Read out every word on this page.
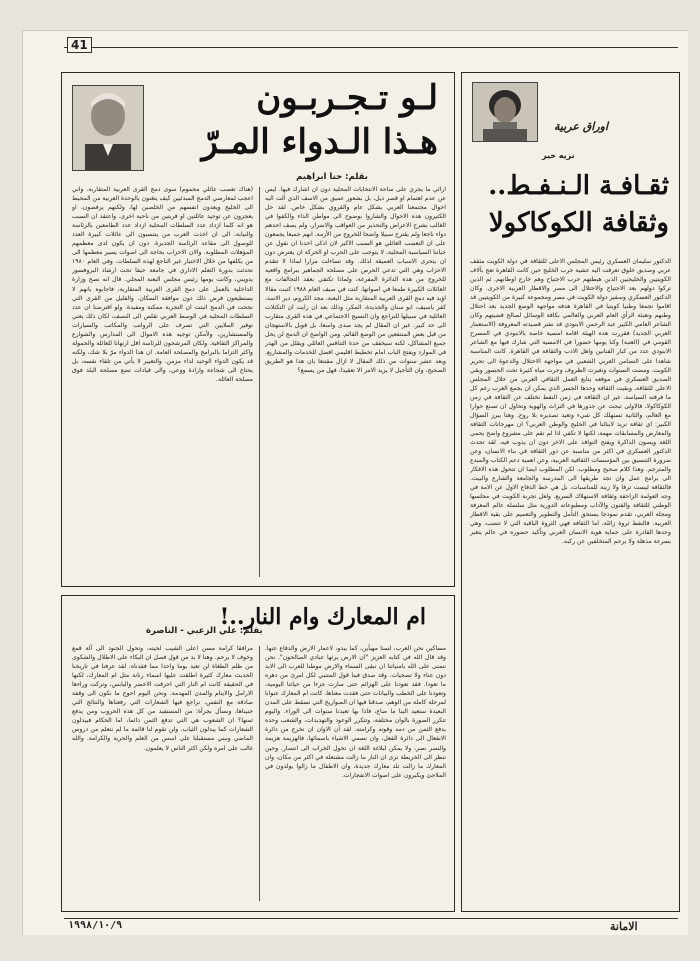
41
اوراق عربية
نزيه خير
ثقـافـة الـنـفـط..
وثقافة الكوكاكولا
الدكتور سليمان العسكري رئيس المجلس الاعلى للثقافة في دولة الكويت مثقف عربي وصديق خلوق تعرفت اليه عشية حرب الخليج حين كانت القاهرة تعج بآلاف الكويتيين والخليجيين الذين هبطتهم حرب الاجتياح وهم خارج اوطانهم. ثم الذين تركوا دولهم بعد الاجتياح والاحتلال الى مصر والاقطار العربية الاخرى. وكان الدكتور العسكري وسفير دولة الكويت في مصر ومجموعة كبيرة من الكويتيين قد اقاموا تجمعا وطنيا كويتيا في القاهرة هدفه مواجهة الوضع الجديد بعد احتلال وطنهم وتعبئة الرأي العام العربي والعالمي بكافة الوسائل لصالح قضيتهم وكان الشاعر العامي الكبير عبد الرحمن الابنودي قد نشر قصيدته المعروفة (الاستعمار العربي الجديد) فقررت هذه الهيئة اقامة امسية خاصة بالابنودي في المسرح القومي في (العتبة) وكنا يومها حضورا في الامسية التي شارك فيها مع الشاعر الابنودي عدد من كبار الفنانين واهل الادب والثقافة في القاهرة. كانت المناسبة شاهدا على التضامن العربي الشعبي في مواجهة الاحتلال والدعوة الى تحرير الكويت. ومضت السنوات وتغيرت الظروف وجرت مياه كثيرة تحت الجسور وبقي الصديق العسكري في موقعه يتابع العمل الثقافي العربي من خلال المجلس الاعلى للثقافة، وبقيت الثقافة وحدها الجسر الذي يمكن ان يجمع العرب رغم كل ما فرقته السياسة. غير ان الثقافة في زمن النفط تختلف عن الثقافة في زمن الكوكاكولا، فالاولى تبحث عن جذورها في التراث والهوية وتحاول ان تصنع حوارا مع العالم، والثانية تستهلك كل شيء وتعيد تصديره بلا روح. وهنا يبرز السؤال الكبير: اي ثقافة نريد لابنائنا في الخليج والوطن العربي؟ ان مهرجانات الثقافة والمعارض والمسابقات مهمة، لكنها لا تكفي اذا لم تقم على مشروع واضح يحمي اللغة ويصون الذاكرة ويفتح النوافذ على الاخر دون ان يذوب فيه. لقد تحدث الدكتور العسكري في اكثر من مناسبة عن دور الثقافة في بناء الانسان، وعن ضرورة التنسيق بين المؤسسات الثقافية العربية، وعن اهمية دعم الكتاب والمبدع والمترجم. وهذا كلام صحيح ومطلوب. لكن المطلوب ايضا ان تتحول هذه الافكار الى برامج عمل وان تجد طريقها الى المدرسة والجامعة والشارع والبيت. فالثقافة ليست ترفا ولا زينة للمناسبات، بل هي خط الدفاع الاول عن الامة في وجه العولمة الزاحفة وثقافة الاستهلاك السريع. ولعل تجربة الكويت في مجلسها الوطني للثقافة والفنون والآداب ومطبوعاته الدورية مثل سلسلة عالم المعرفة ومجلة العربي، تقدم نموذجا يستحق التأمل والتطوير والتعميم على بقية الاقطار العربية. فالنفط ثروة زائلة، اما الثقافة فهي الثروة الباقية التي لا تنضب، وهي وحدها القادرة على حماية هوية الانسان العربي وتأكيد حضوره في عالم يتغير بسرعة مذهلة ولا يرحم المتخلفين عن ركبه.
لـو تـجـربـون
هـذا الـدواء المـرّ
بقلم: حنا ابراهيم
ارائي ما يجري على ساحة الانتخابات المحلية دون ان اشارك فيها. ليس عن عدم اهتمام او قصر ذيل، بل بشعور عميق من الاسف الذي آلت اليه احوال مجتمعنا العربي بشكل عام والقروي بشكل خاص. لقد حل الكثيرون هذه الاحوال والشاروا بوضوح الى مواطن الداء والكفوا في الغالب بشرح الاعراض والتحذير من العواقب والاضرار، ولم يصف احدهم دواء ناجعا ولم يقترح سبيلا واضحا للخروج من الأزمة. انهم جميعا يجمعون على ان التعصب العائلي هو السبب الاكبر لان اذكى احدنا ان نقول عن حياتنا السياسية المحلية، لا يتوجب على الحزب او الحركة ان يعترض دون ان يتحرى الاسباب العميقة لذلك. وقد تساءلت مرارا لماذا لا تتقدم الاحزاب وهي التي تدعي الحرص على مصلحة الجماهير ببرامج واقعية للخروج من هذه الدائرة المفرغة، ولماذا تكتفي بعقد التحالفات مع العائلات الكبيرة طمعا في اصواتها. كنت في صيف العام ١٩٨٨ كتبت مقالا اؤيد فيه دمج القرى العربية المتقاربة مثل البعنة، مجد الكروم، دير الاسد، كفر ياسيف، ابو سنان والجديدة، المكر، وذلك بعد ان رايت ان التكتلات العائلية في سبيلها للتراجع وان النسيج الاجتماعي في هذه القرى متقارب الى حد كبير. غير ان المقال لم يجد صدى واسعا، بل قوبل بالاستهجان من قبل بعض المنتفعين من الوضع القائم. ومن الواضح ان الدمج لن يحل جميع المشاكل، لكنه سيخفف من حدة التنافس العائلي ويقلل من الهدر في الموارد ويفتح الباب امام تخطيط اقليمي افضل للخدمات والمشاريع. وبعد عشر سنوات من ذلك المقال لا ازال مقتنعا بان هذا هو الطريق الصحيح، وان التأجيل لا يزيد الامر الا تعقيدا، فهل من يسمع؟
(هناك تعصب عائلي محموم) سوى دمج القرى العربية المتقاربة. واني اعجب لمعارضي الدمج المبدئيين كيف يتغنون بالوحدة العربية من المحيط الى الخليج ويعدون انفسهم من الخلصين لها، ولكنهم يرفضون، او يعجزون عن توحيد عائلتين او قريتين من ناحية اخرى. واعتقد ان السبب هو انه كلما ازداد عدد السلطات المحلية ازداد عدد الطامعين بالرئاسة والنيابة، الى ان اخذت العرب من ينتسبون الى عائلات كبيرة العدد للوصول الى مقاعد الرئاسة الجديرة. دون ان يكون لدى معظمهم المؤهلات المطلوبة. والان الاحزاب بحاجة الى اصوات يسير معظمها الى من يكلفها من خلال الاختيار غير الناجع لهذه السلطات. وفي العام ١٩٨٠ تحدثت بدورة التعلم الاداري في جامعة حيفا تحت ارشاد البروفسور يدويني، وكانت يومها رئيس مجلس البعنة المحلي. قال انه نصح وزارة الداخلية بالعمل على دمج القرى العربية المتقاربة، فاجابوه بانهم لا يستطيعون فرض ذلك دون موافقة السكان. والقليل من القرى التي نجحت في الدمج اثبتت ان التجربة ممكنة ومفيدة. ولو افترضنا ان عدد السلطات المحلية في الوسط العربي تقلص الى النصف، لكان ذلك يعني توفير الملايين التي تصرف على الرواتب والمكاتب والسيارات والمستشارين، ولأمكن توجيه هذه الاموال الى المدارس والشوارع والمراكز الثقافية. ولكان المرشحون للرئاسة اقل ارتهانا للعائلة والحمولة واكثر التزاما بالبرامج والمصلحة العامة. ان هذا الدواء مرّ بلا شك، ولكنه قد يكون الدواء الوحيد لداء مزمن. والتغيير لا يأتي من تلقاء نفسه، بل يحتاج الى شجاعة وارادة ووعي، والى قيادات تضع مصلحة البلد فوق مصلحة العائلة.
ام المعارك وام النار..!
بقلم: علي الزعبي - الناصرة
مساكين نحن العرب، لسنا مهيأين، كما يبدو، لاعمار الارض والدفاع عنها. وقد قال الله في كتابه العزيز "ان الارض يرثها عبادي الصالحون". نحن نتمنى على الله بامنياتنا ان تبقى السماء والارض موطنا للعرب الى الابد دون عناء ولا تضحيات. وقد صدق فينا قول المتنبي لكل امرئ من دهره ما تعودا. فقد تعودنا على الهزائم حتى صارت جزءا من حياتنا اليومية، وتعودنا على الخطب والبيانات حتى فقدت معناها. كانت ام المعارك عنوانا لمرحلة كاملة من الوهم، صدقنا فيها ان الصواريخ التي تسقط على المدن البعيدة ستعيد الينا ما ضاع، فاذا بها تعيدنا سنوات الى الوراء. واليوم تتكرر الصورة بالوان مختلفة، وتتكرر الوعود والتهديدات، والشعب وحده يدفع الثمن من دمه وقوته وكرامته. لقد آن الاوان ان نخرج من دائرة الانفعال الى دائرة الفعل، وان نسمي الاشياء باسمائها، فالهزيمة هزيمة والنصر نصر، ولا يمكن لبلاغة اللغة ان تحول الخراب الى انتصار. وحين ننظر الى الخريطة نرى ان النار ما زالت مشتعلة في اكثر من مكان، وان المعارك ما زالت تلد معارك جديدة، وان الاطفال ما زالوا يولدون في الملاجئ ويكبرون على اصوات الانفجارات.
مرافقا كرامة مسن اعلى الشيب لحيته، وتحول الجنود الى آلة قمع وخوف لا يرحم. وهنا لا بد من قول فصل ان البكاء على الاطلال والشكوى من ظلم الطغاة لن تعيد يوما واحدا مما فقدناه. لقد عرفنا في تاريخنا الحديث معارك كثيرة اطلقت عليها اسماء رنانة مثل ام المعارك، لكنها في الحقيقة كانت ام النار التي احرقت الاخضر واليابس، وتركت وراءها الارامل والايتام والمدن المهدمة. ونحن اليوم احوج ما نكون الى وقفة صادقة مع النفس، نراجع فيها الشعارات التي رفعناها والنتائج التي جنيناها، ونسأل بجرأة: من المستفيد من كل هذه الحروب ومن يدفع ثمنها؟ ان الشعوب هي التي تدفع الثمن دائما، اما الحكام فيبدلون الشعارات كما يبدلون الثياب. ولن تقوم لنا قائمة ما لم نتعلم من دروس الماضي ونبني مستقبلنا على اسس من العلم والحرية والكرامة. والله غالب على امره ولكن اكثر الناس لا يعلمون.
١٩٩٨/١٠/٩	الامانة
